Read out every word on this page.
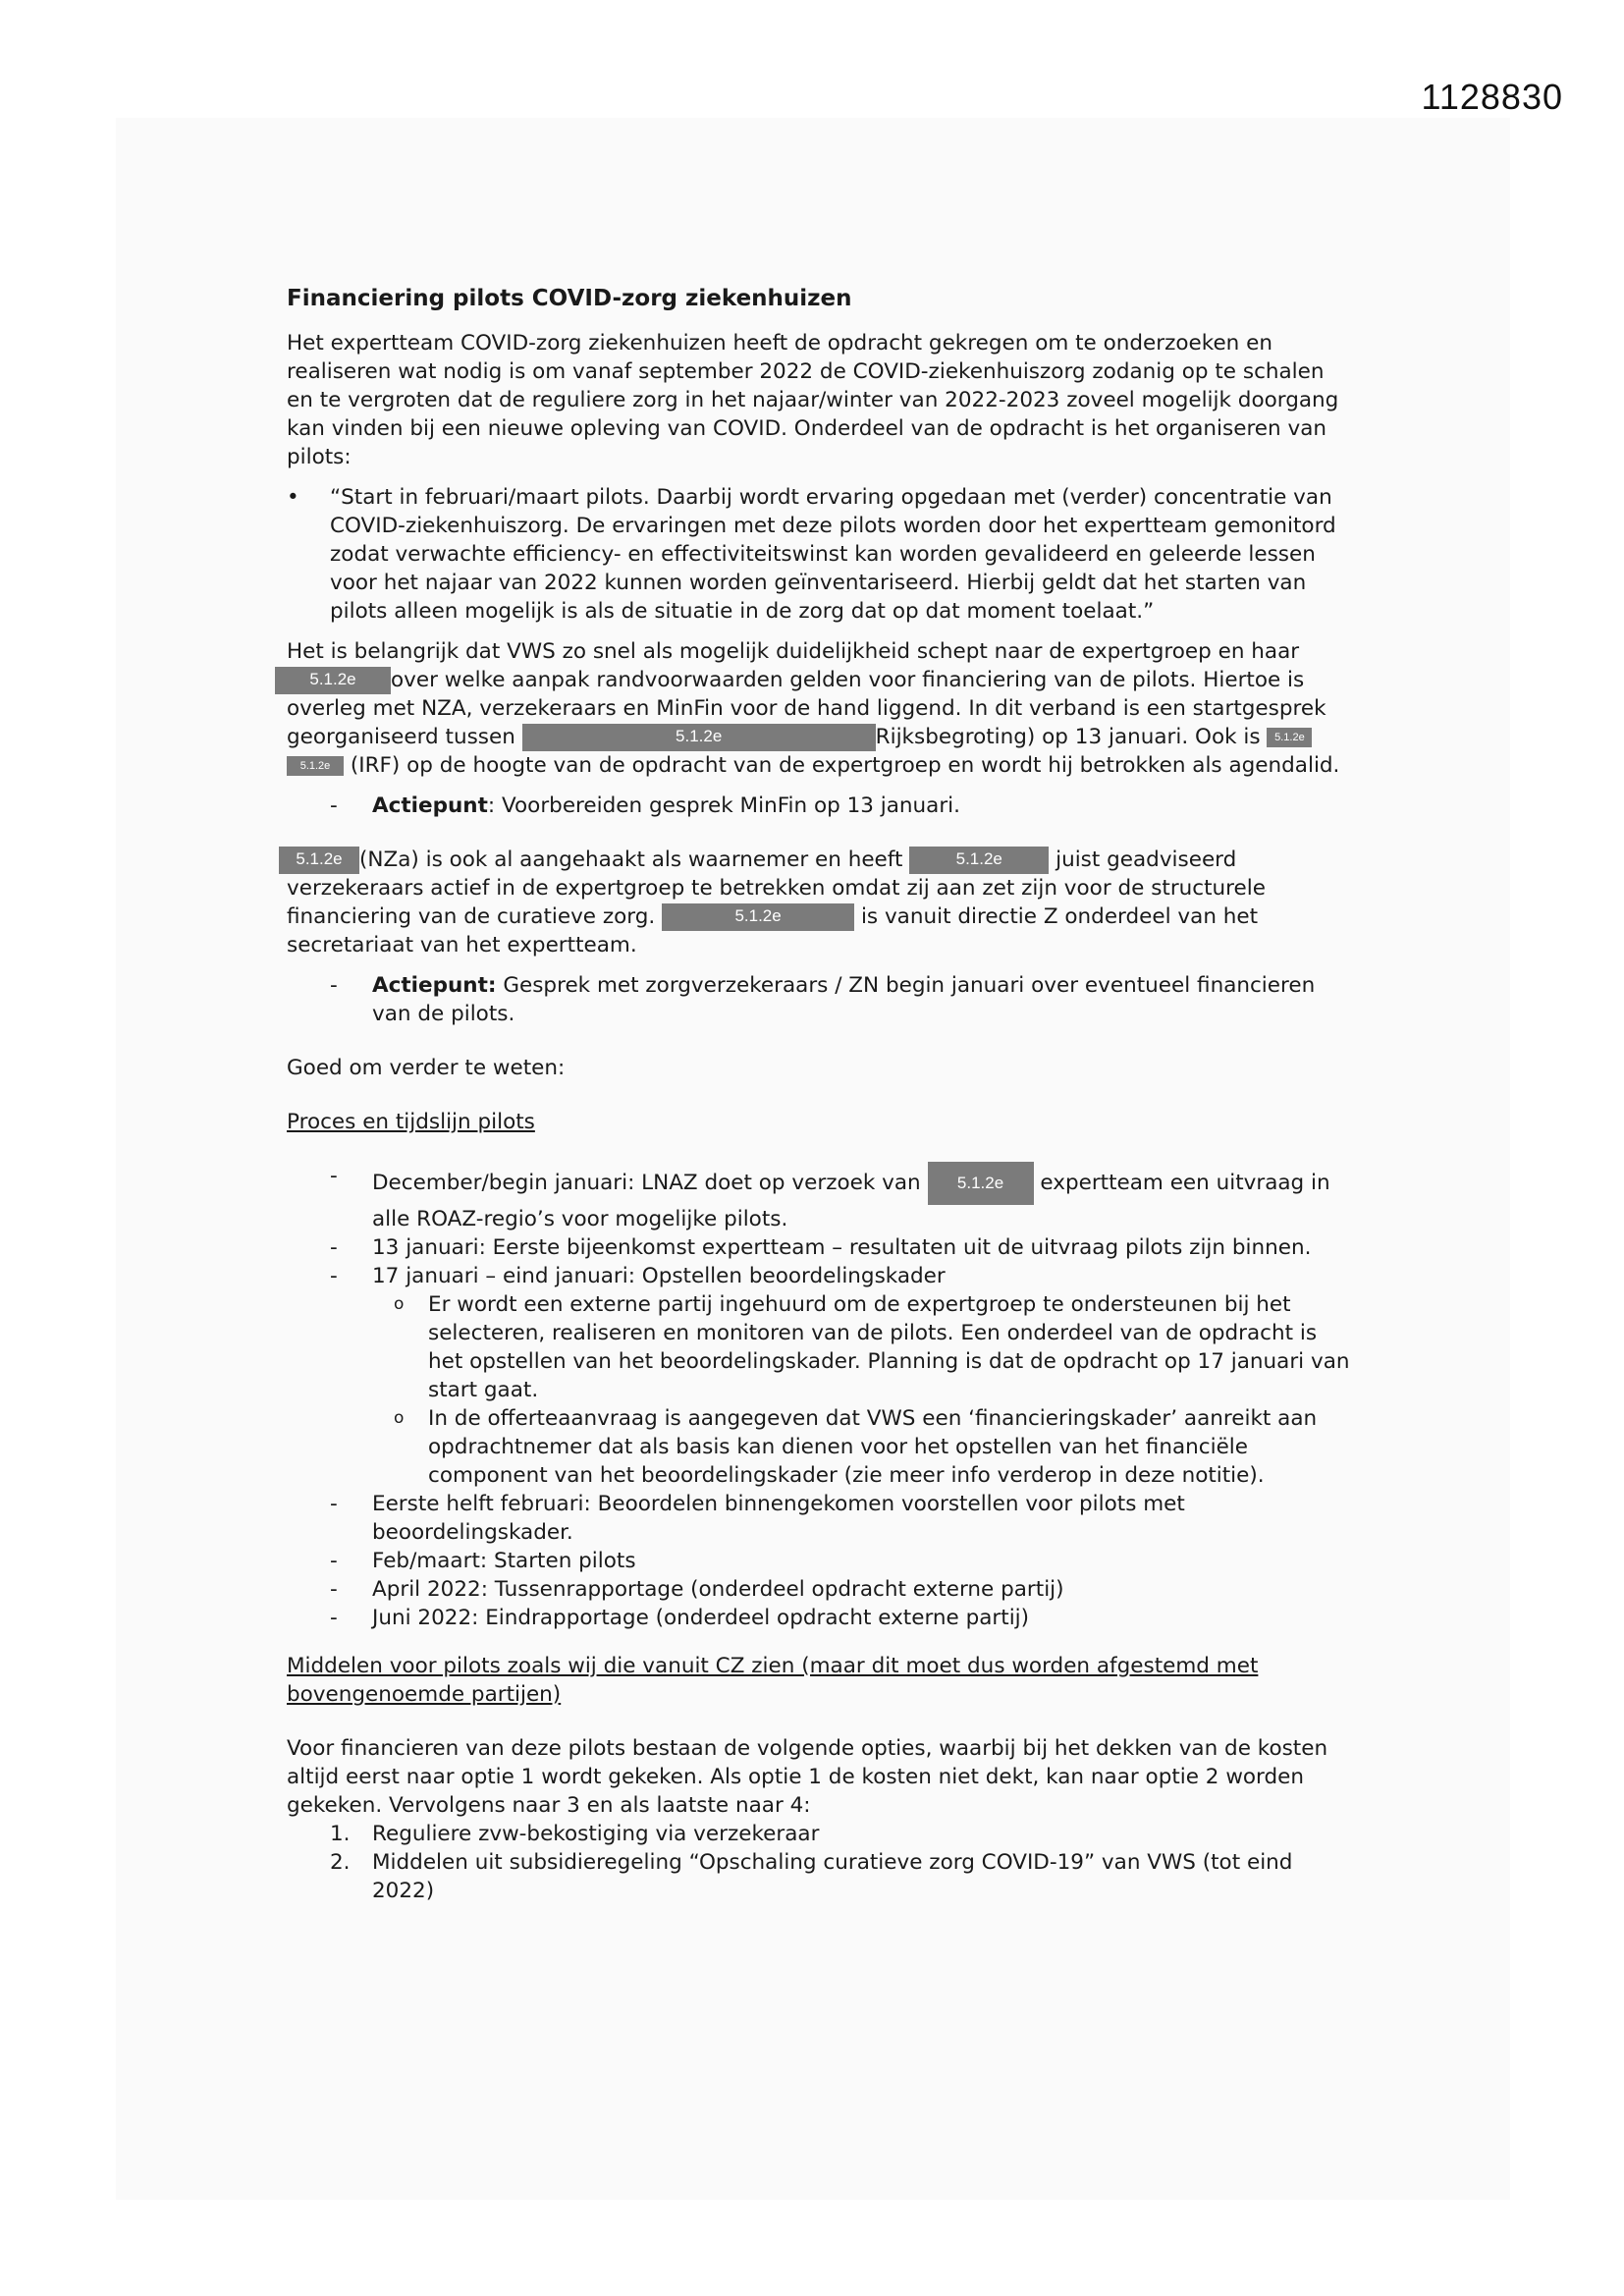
1128830
Financiering pilots COVID-zorg ziekenhuizen

Het expertteam COVID-zorg ziekenhuizen heeft de opdracht gekregen om te onderzoeken en realiseren wat nodig is om vanaf september 2022 de COVID-ziekenhuiszorg zodanig op te schalen en te vergroten dat de reguliere zorg in het najaar/winter van 2022-2023 zoveel mogelijk doorgang kan vinden bij een nieuwe opleving van COVID. Onderdeel van de opdracht is het organiseren van pilots:

• “Start in februari/maart pilots. Daarbij wordt ervaring opgedaan met (verder) concentratie van COVID-ziekenhuiszorg. De ervaringen met deze pilots worden door het expertteam gemonitord zodat verwachte efficiency- en effectiviteitswinst kan worden gevalideerd en geleerde lessen voor het najaar van 2022 kunnen worden geïnventariseerd. Hierbij geldt dat het starten van pilots alleen mogelijk is als de situatie in de zorg dat op dat moment toelaat.”

Het is belangrijk dat VWS zo snel als mogelijk duidelijkheid schept naar de expertgroep en haar 5.1.2e over welke aanpak randvoorwaarden gelden voor financiering van de pilots. Hiertoe is overleg met NZA, verzekeraars en MinFin voor de hand liggend. In dit verband is een startgesprek georganiseerd tussen	5.1.2e	Rijksbegroting) op 13 januari. Ook is 5.1.2e 5.1.2e (IRF) op de hoogte van de opdracht van de expertgroep en wordt hij betrokken als agendalid.

- Actiepunt: Voorbereiden gesprek MinFin op 13 januari.

5.1.2e (NZa) is ook al aangehaakt als waarnemer en heeft	5.1.2e	juist geadviseerd verzekeraars actief in de expertgroep te betrekken omdat zij aan zet zijn voor de structurele financiering van de curatieve zorg.	5.1.2e	is vanuit directie Z onderdeel van het secretariaat van het expertteam.

- Actiepunt: Gesprek met zorgverzekeraars / ZN begin januari over eventueel financieren van de pilots.

Goed om verder te weten:

Proces en tijdslijn pilots

- December/begin januari: LNAZ doet op verzoek van 5.1.2e expertteam een uitvraag in alle ROAZ-regio’s voor mogelijke pilots.
- 13 januari: Eerste bijeenkomst expertteam – resultaten uit de uitvraag pilots zijn binnen.
- 17 januari – eind januari: Opstellen beoordelingskader
o Er wordt een externe partij ingehuurd om de expertgroep te ondersteunen bij het selecteren, realiseren en monitoren van de pilots. Een onderdeel van de opdracht is het opstellen van het beoordelingskader. Planning is dat de opdracht op 17 januari van start gaat.
o In de offerteaanvraag is aangegeven dat VWS een ‘financieringskader’ aanreikt aan opdrachtnemer dat als basis kan dienen voor het opstellen van het financiële component van het beoordelingskader (zie meer info verderop in deze notitie).
- Eerste helft februari: Beoordelen binnengekomen voorstellen voor pilots met beoordelingskader.
- Feb/maart: Starten pilots
- April 2022: Tussenrapportage (onderdeel opdracht externe partij)
- Juni 2022: Eindrapportage (onderdeel opdracht externe partij)

Middelen voor pilots zoals wij die vanuit CZ zien (maar dit moet dus worden afgestemd met bovengenoemde partijen)

Voor financieren van deze pilots bestaan de volgende opties, waarbij bij het dekken van de kosten altijd eerst naar optie 1 wordt gekeken. Als optie 1 de kosten niet dekt, kan naar optie 2 worden gekeken. Vervolgens naar 3 en als laatste naar 4:

1. Reguliere zvw-bekostiging via verzekeraar
2. Middelen uit subsidieregeling “Opschaling curatieve zorg COVID-19” van VWS (tot eind 2022)
